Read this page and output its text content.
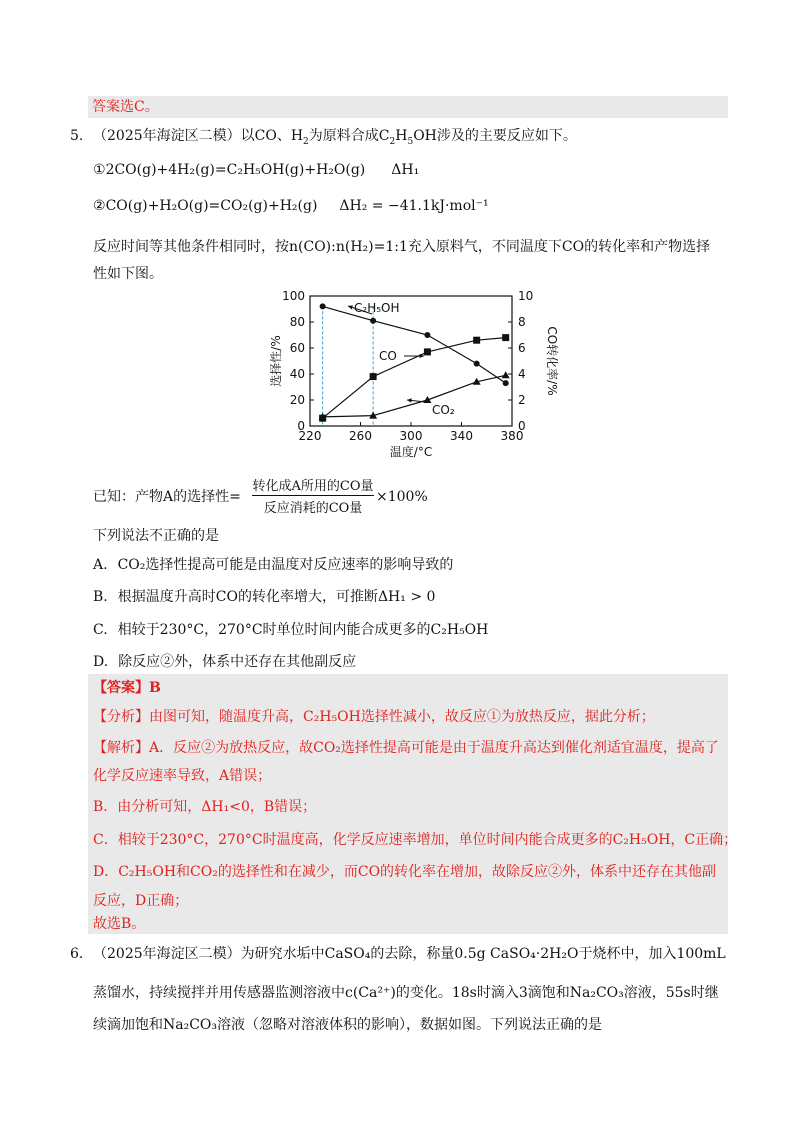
答案选C。
5. （2025年海淀区二模）以CO、$H_2$为原料合成$C_2H_5OH$涉及的主要反应如下。
①2CO(g)+4H₂(g)=C₂H₅OH(g)+H₂O(g) ΔH₁
②CO(g)+H₂O(g)=CO₂(g)+H₂(g) ΔH₂ = −41.1kJ·mol⁻¹
反应时间等其他条件相同时，按n(CO):n(H₂)=1:1充入原料气，不同温度下CO的转化率和产物选择
性如下图。
220 260 300 340 380
0
20
40
60
80
100
0
2
4
6
8
10
温度/°C
选择性/%	CO转化率/%
C₂H₅OH
CO
CO₂
已知：产物A的选择性=
转化成A所用的CO量
反应消耗的CO量
×100%
下列说法不正确的是
A. CO₂选择性提高可能是由温度对反应速率的影响导致的
B. 根据温度升高时CO的转化率增大，可推断ΔH₁ > 0
C. 相较于230°C，270°C时单位时间内能合成更多的C₂H₅OH
D. 除反应②外，体系中还存在其他副反应
【答案】B
【分析】由图可知，随温度升高，C₂H₅OH选择性减小，故反应①为放热反应，据此分析；
【解析】A．反应②为放热反应，故CO₂选择性提高可能是由于温度升高达到催化剂适宜温度，提高了
化学反应速率导致，A错误；
B．由分析可知，ΔH₁<0，B错误；
C．相较于230°C，270°C时温度高，化学反应速率增加，单位时间内能合成更多的C₂H₅OH，C正确；
D．C₂H₅OH和CO₂的选择性和在减少，而CO的转化率在增加，故除反应②外，体系中还存在其他副
反应，D正确；
故选B。
6. （2025年海淀区二模）为研究水垢中CaSO₄的去除，称量0.5g CaSO₄·2H₂O于烧杯中，加入100mL
蒸馏水，持续搅拌并用传感器监测溶液中c(Ca²⁺)的变化。18s时滴入3滴饱和Na₂CO₃溶液，55s时继
续滴加饱和Na₂CO₃溶液（忽略对溶液体积的影响），数据如图。下列说法正确的是
